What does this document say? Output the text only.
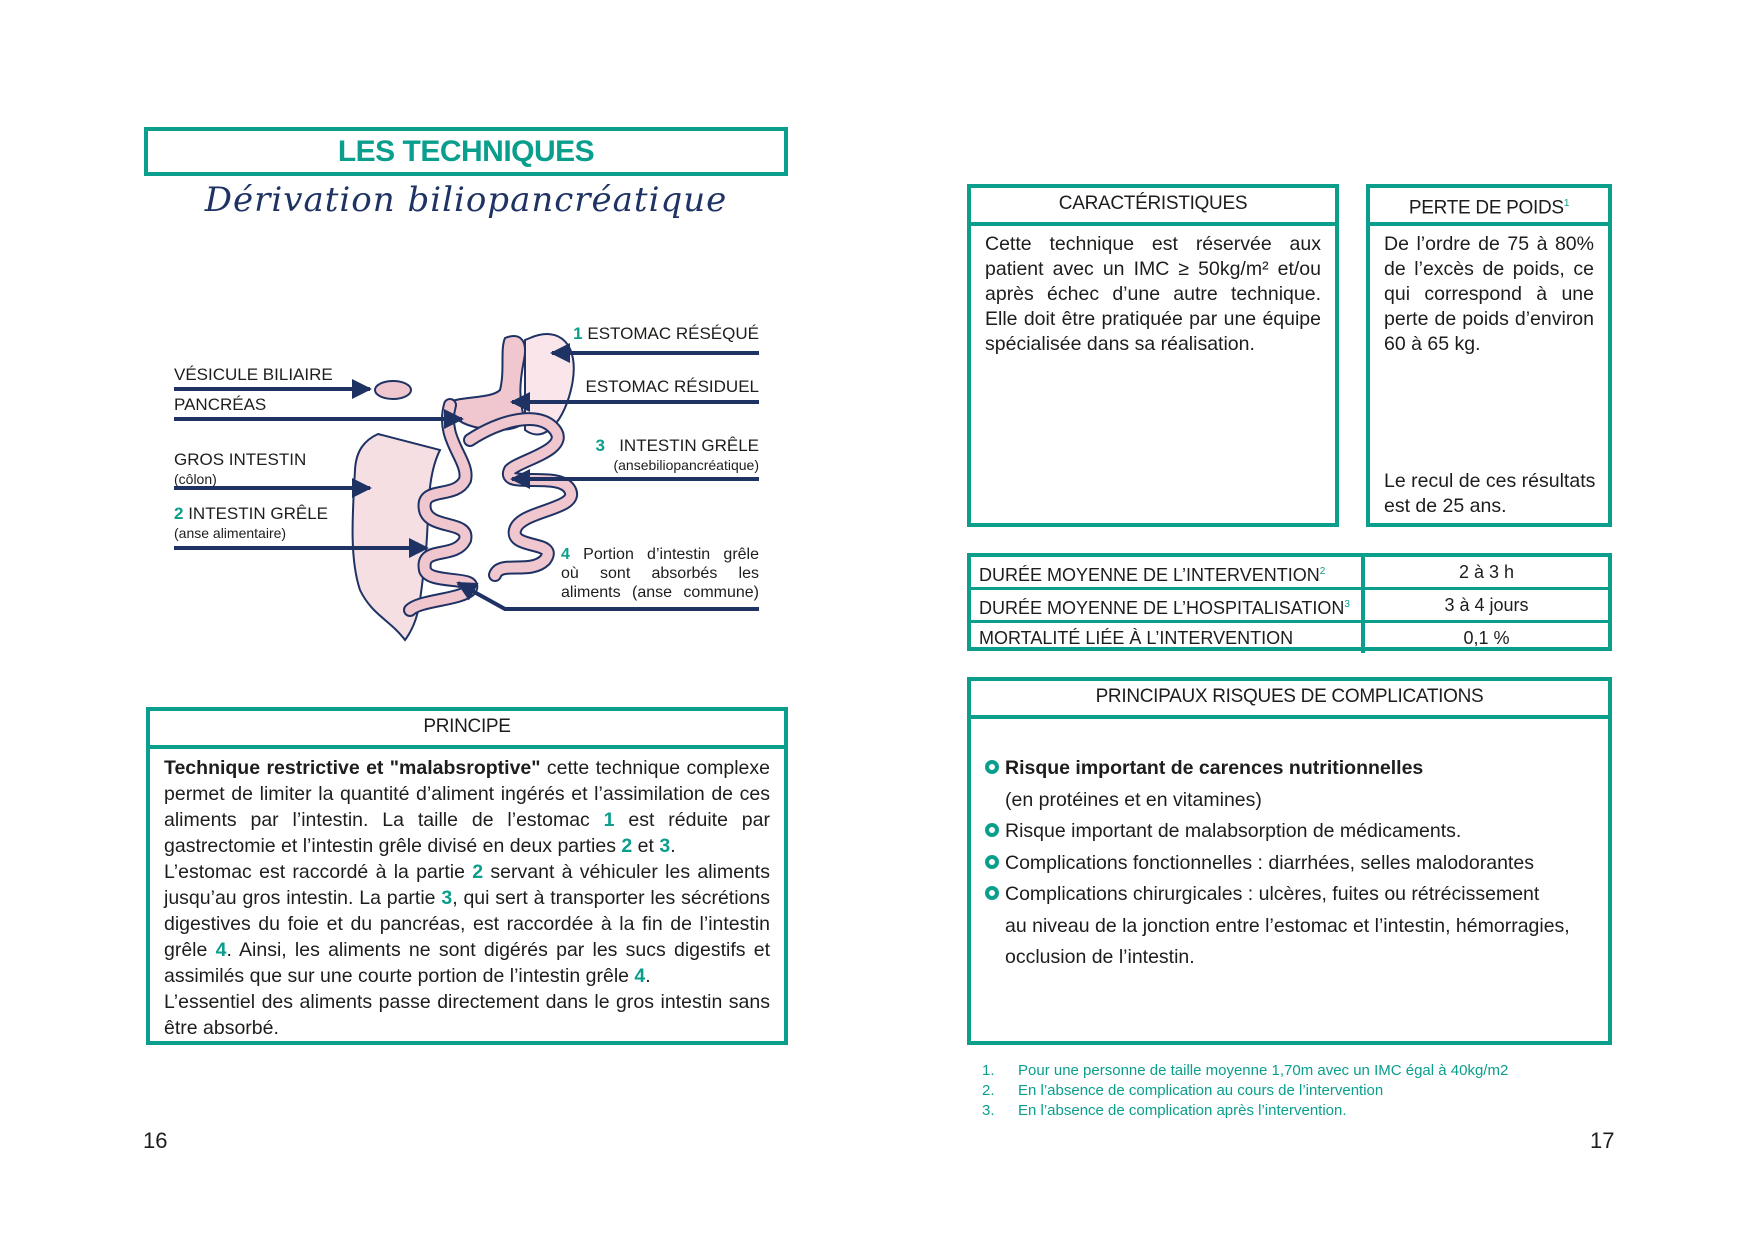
LES TECHNIQUES
Dérivation biliopancréatique
VÉSICULE BILIAIRE
PANCRÉAS
GROS INTESTIN
(côlon)
2 INTESTIN GRÊLE
(anse alimentaire)
1 ESTOMAC RÉSÉQUÉ
ESTOMAC RÉSIDUEL
3 INTESTIN GRÊLE
(ansebiliopancréatique)
4 Portion d’intestin grêle
où sont absorbés les
aliments (anse commune)
PRINCIPE
Technique restrictive et "malabsroptive" cette technique complexe permet de limiter la quantité d’aliment ingérés et l’assimilation de ces aliments par l’intestin. La taille de l’estomac 1 est réduite par gastrectomie et l’intestin grêle divisé en deux parties 2 et 3.
L’estomac est raccordé à la partie 2 servant à véhiculer les aliments jusqu’au gros intestin. La partie 3, qui sert à transporter les sécrétions digestives du foie et du pancréas, est raccordée à la fin de l’intestin grêle 4. Ainsi, les aliments ne sont digérés par les sucs digestifs et assimilés que sur une courte portion de l’intestin grêle 4.
L’essentiel des aliments passe directement dans le gros intestin sans être absorbé.
16
CARACTÉRISTIQUES
Cette technique est réservée aux patient avec un IMC ≥ 50kg/m² et/ou après échec d’une autre technique. Elle doit être pratiquée par une équipe spécialisée dans sa réalisation.
PERTE DE POIDS$^1$
De l’ordre de 75 à 80% de l’excès de poids, ce qui correspond à une perte de poids d’environ 60 à 65 kg.
Le recul de ces résultats est de 25 ans.
DURÉE MOYENNE DE L’INTERVENTION$^2$	2 à 3 h
DURÉE MOYENNE DE L’HOSPITALISATION$^3$	3 à 4 jours
MORTALITÉ LIÉE À L’INTERVENTION	0,1 %
PRINCIPAUX RISQUES DE COMPLICATIONS
Risque important de carences nutritionnelles
(en protéines et en vitamines)
Risque important de malabsorption de médicaments.
Complications fonctionnelles : diarrhées, selles malodorantes
Complications chirurgicales : ulcères, fuites ou rétrécissement
au niveau de la jonction entre l’estomac et l’intestin, hémorragies,
occlusion de l’intestin.
1. Pour une personne de taille moyenne 1,70m avec un IMC égal à 40kg/m2
2. En l’absence de complication au cours de l’intervention
3. En l’absence de complication après l’intervention.
17
